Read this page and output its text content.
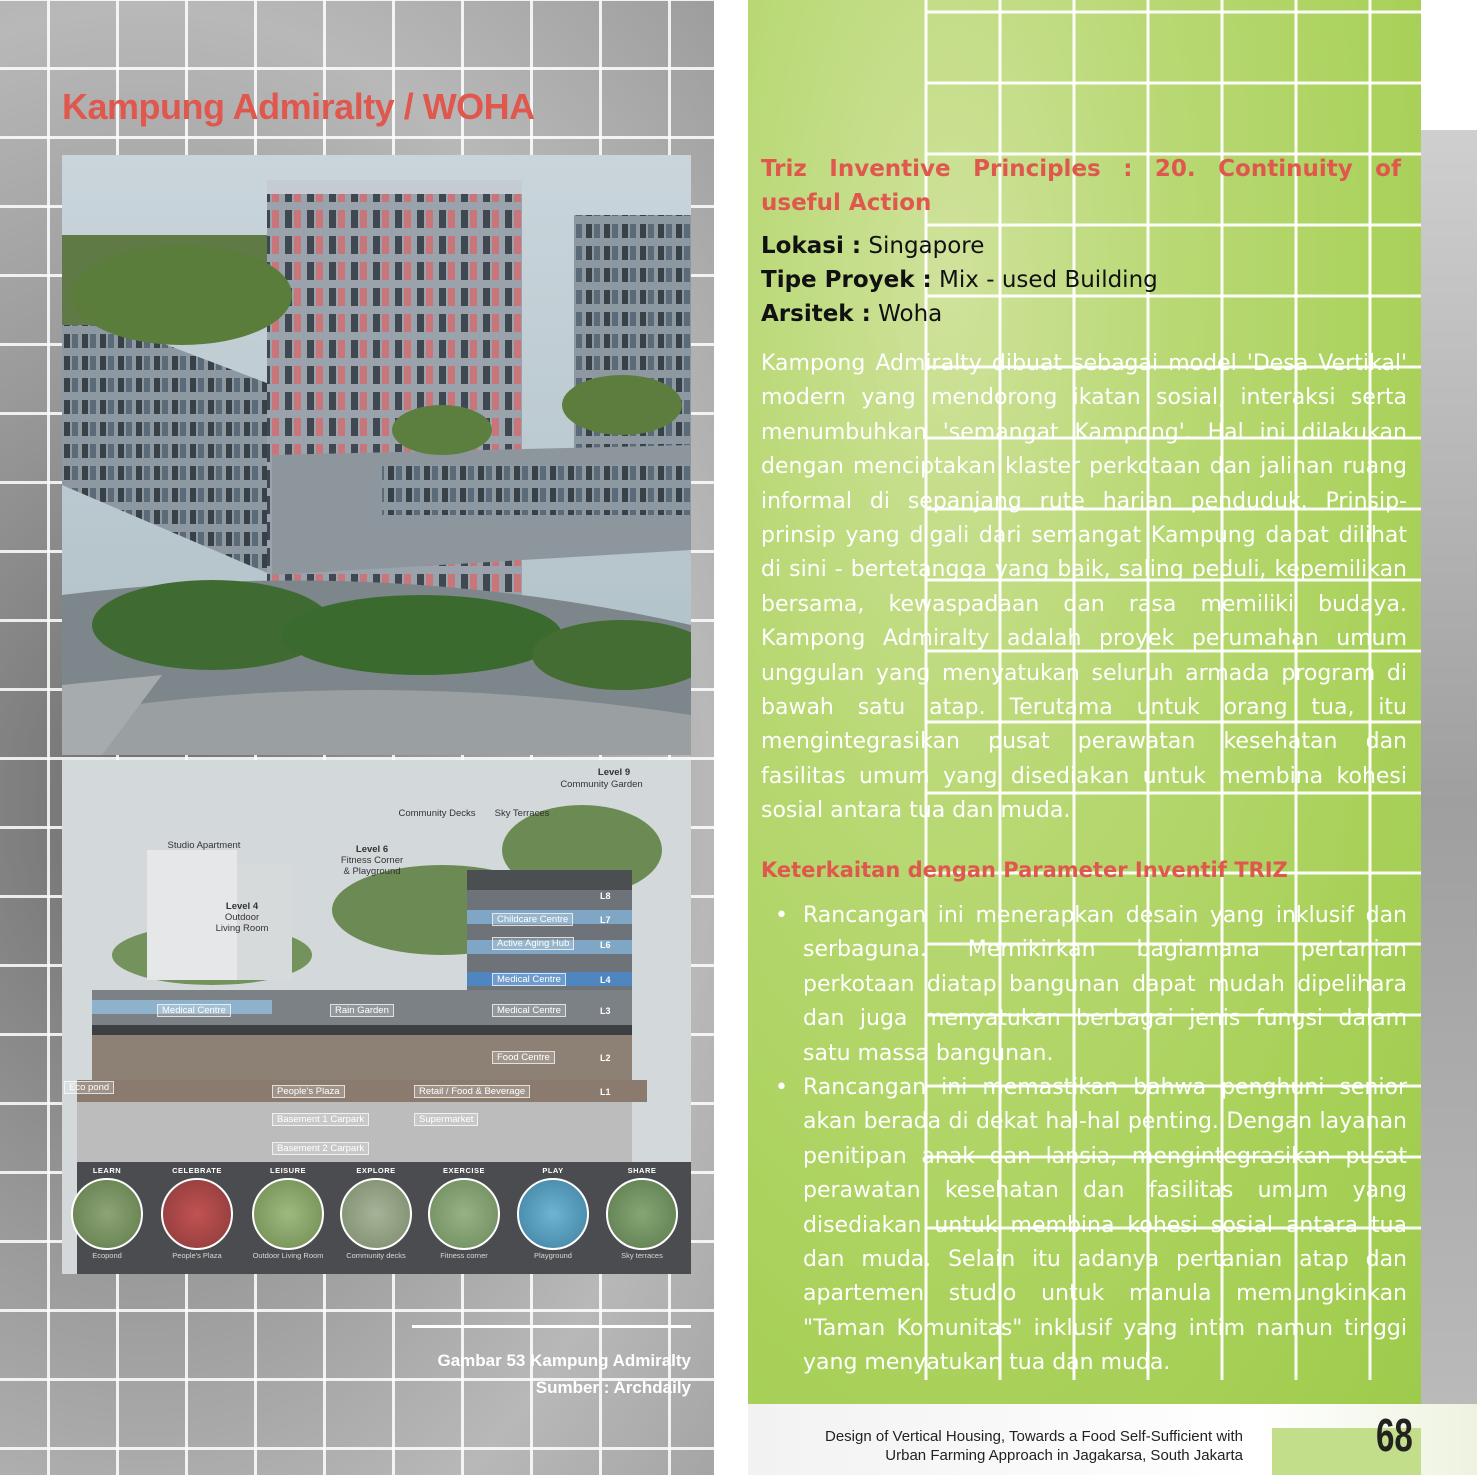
Kampung Admiralty / WOHA
Level 9
Community Garden
Community Decks	Sky Terraces
Studio Apartment	Level 6
Fitness Corner
& Playground
Level 4
Outdoor
Living Room
Childcare Centre
Active Aging Hub
Medical Centre
Medical Centre
Medical Centre	Rain Garden
Food Centre
Eco pond	People's Plaza	Retail / Food & Beverage
Basement 1 Carpark	Supermarket
Basement 2 Carpark
L8
L7
L6
L4
L3
L2
L1
LEARN
Ecopond
CELEBRATE
People's Plaza
LEISURE
Outdoor Living Room
EXPLORE
Community decks
EXERCISE
Fitness corner
PLAY
Playground
SHARE
Sky terraces
Gambar 53 Kampung Admiralty
Sumber : Archdaily
Triz Inventive Principles : 20. Continuity of useful Action
Lokasi : Singapore
Tipe Proyek : Mix - used Building
Arsitek : Woha

Kampong Admiralty dibuat sebagai model 'Desa Vertikal' modern yang mendorong ikatan sosial, interaksi serta menumbuhkan 'semangat Kampong'. Hal ini dilakukan dengan menciptakan klaster perkotaan dan jalinan ruang informal di sepanjang rute harian penduduk. Prinsip-prinsip yang digali dari semangat Kampung dapat dilihat di sini - bertetangga yang baik, saling peduli, kepemilikan bersama, kewaspadaan dan rasa memiliki budaya. Kampong Admiralty adalah proyek perumahan umum unggulan yang menyatukan seluruh armada program di bawah satu atap. Terutama untuk orang tua, itu mengintegrasikan pusat perawatan kesehatan dan fasilitas umum yang disediakan untuk membina kohesi sosial antara tua dan muda.

Keterkaitan dengan Parameter Inventif TRIZ
• Rancangan ini menerapkan desain yang inklusif dan serbaguna. Memikirkan bagiamana pertanian perkotaan diatap bangunan dapat mudah dipelihara dan juga menyatukan berbagai jenis fungsi dalam satu massa bangunan.
• Rancangan ini memastikan bahwa penghuni senior akan berada di dekat hal-hal penting. Dengan layanan penitipan anak dan lansia, mengintegrasikan pusat perawatan kesehatan dan fasilitas umum yang disediakan untuk membina kohesi sosial antara tua dan muda. Selain itu adanya pertanian atap dan apartemen studio untuk manula memungkinkan "Taman Komunitas" inklusif yang intim namun tinggi yang menyatukan tua dan muda.
Design of Vertical Housing, Towards a Food Self-Sufficient with
Urban Farming Approach in Jagakarsa, South Jakarta	68
